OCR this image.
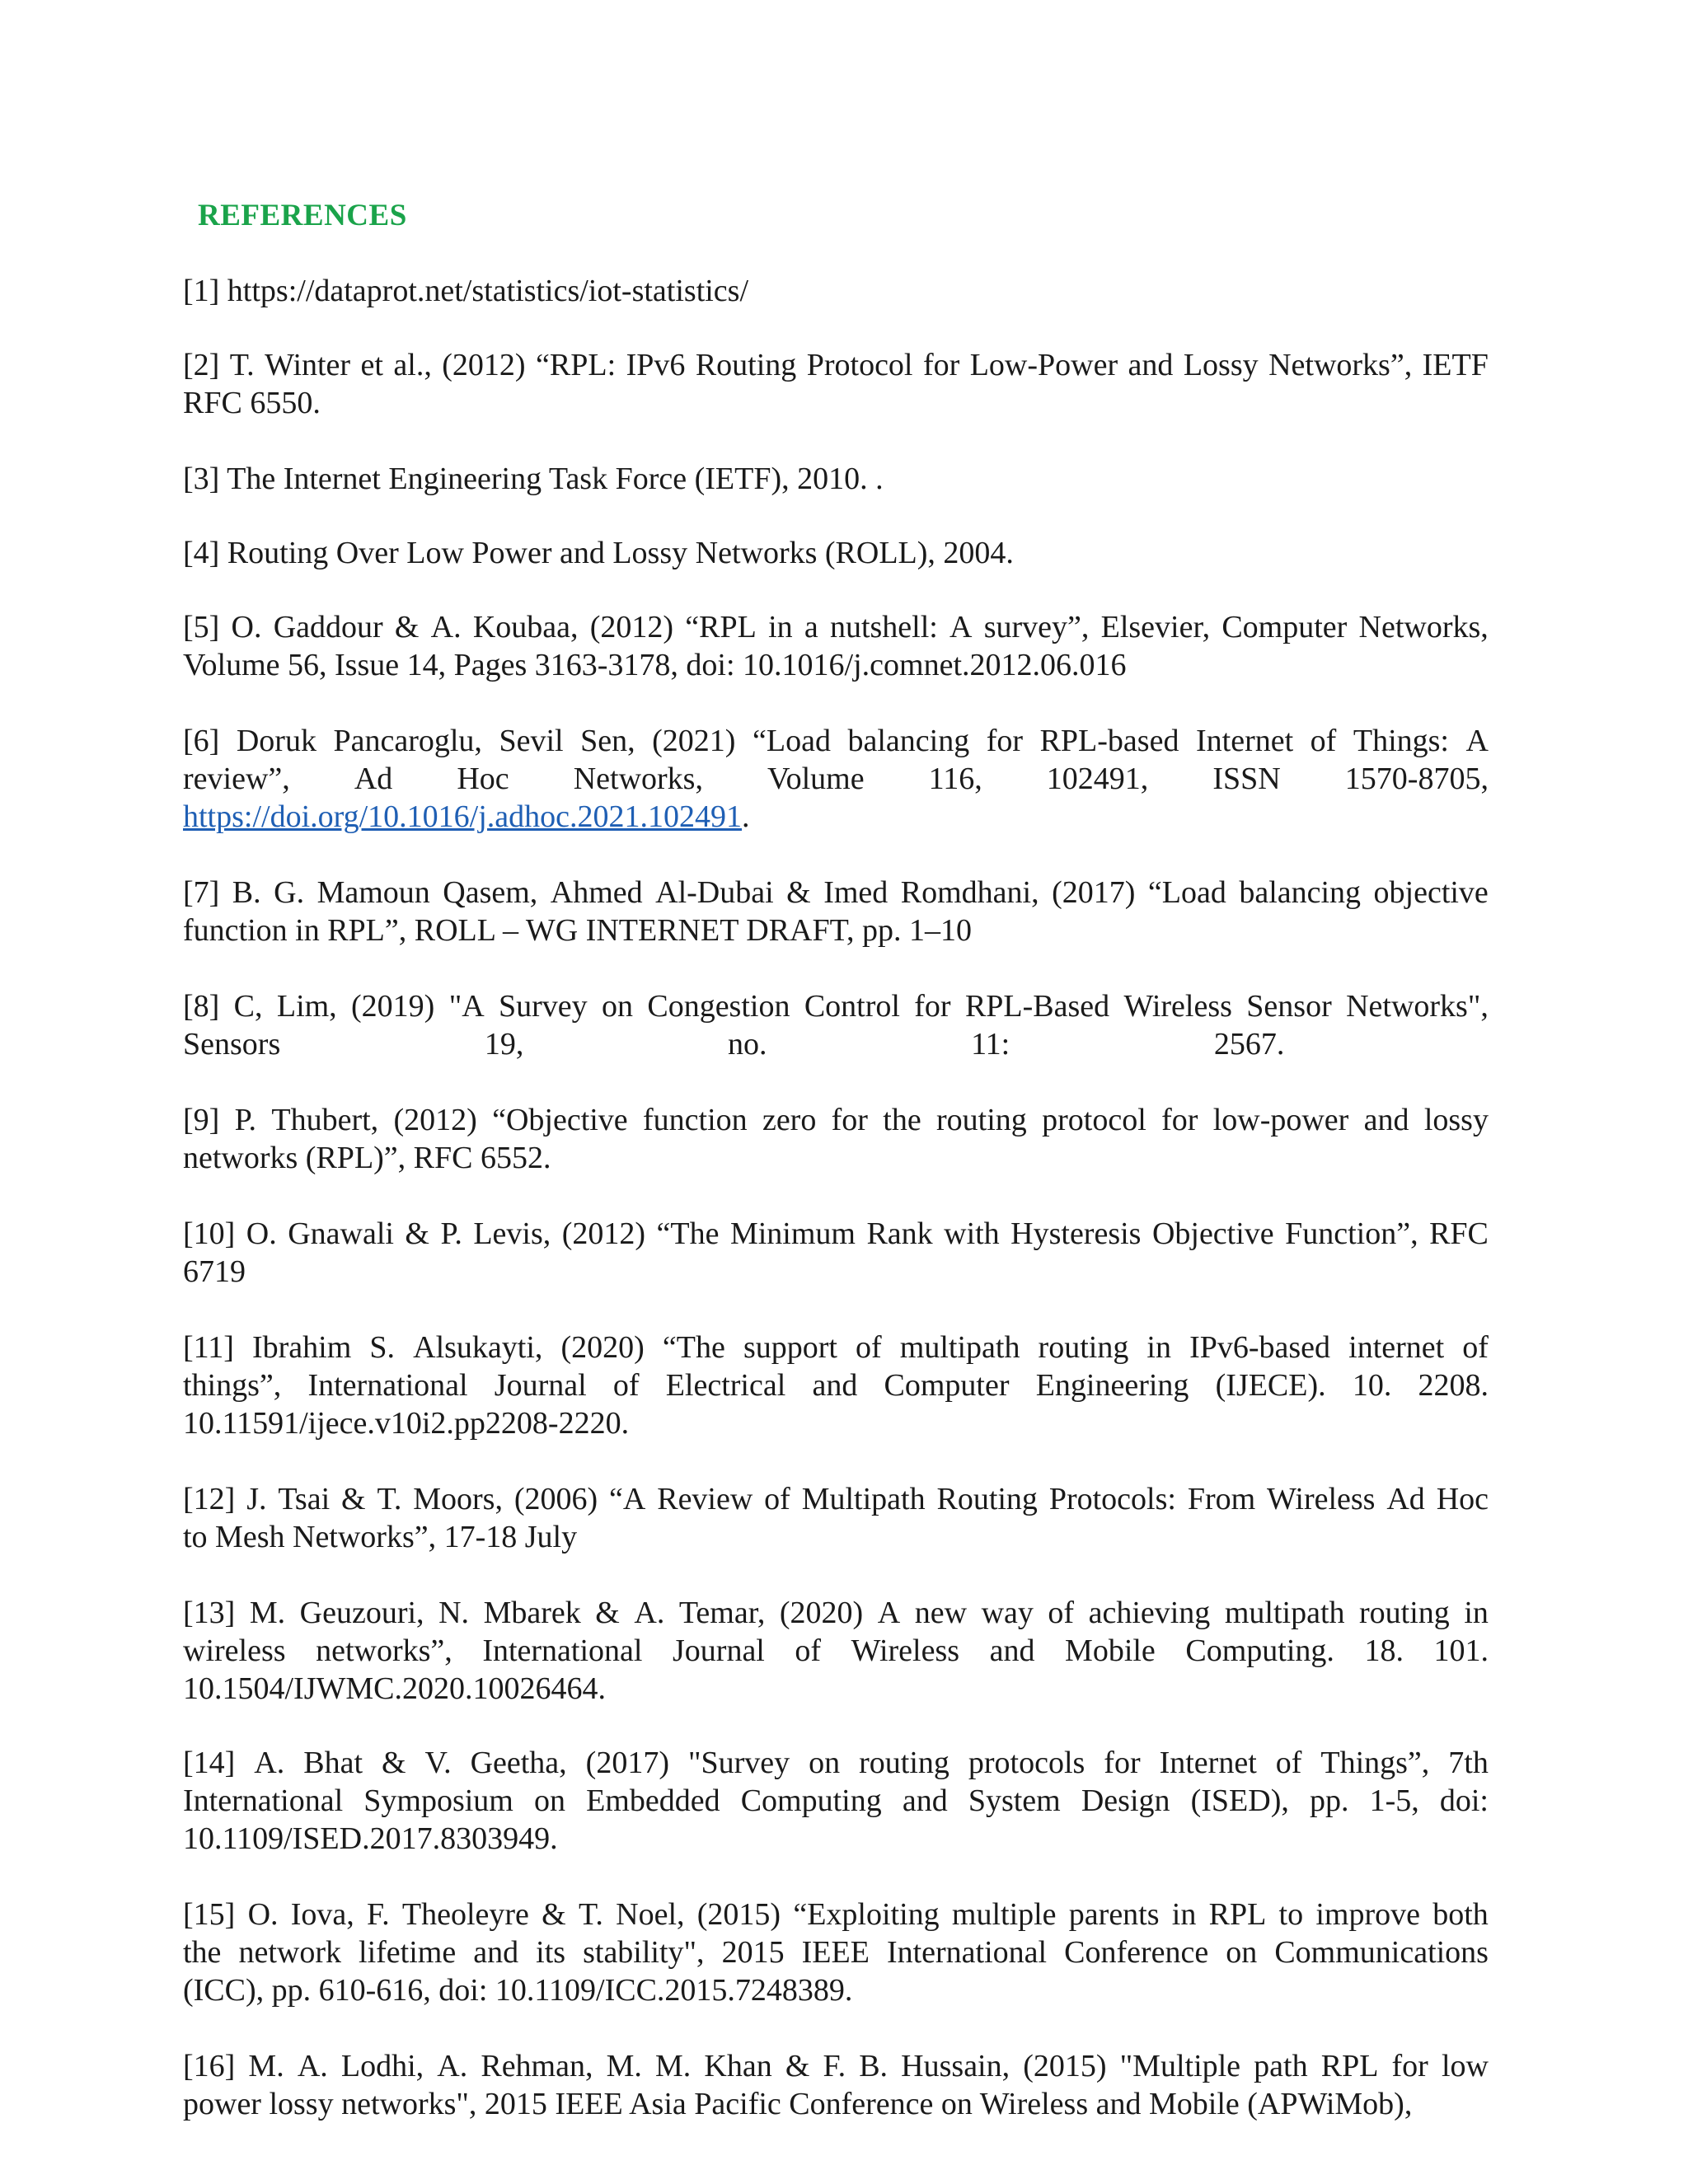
REFERENCES
[1] https://dataprot.net/statistics/iot-statistics/
[2] T. Winter et al., (2012) “RPL: IPv6 Routing Protocol for Low-Power and Lossy Networks”, IETF
RFC 6550.
[3] The Internet Engineering Task Force (IETF), 2010. .
[4] Routing Over Low Power and Lossy Networks (ROLL), 2004.
[5] O. Gaddour & A. Koubaa, (2012) “RPL in a nutshell: A survey”, Elsevier, Computer Networks,
Volume 56, Issue 14, Pages 3163-3178, doi: 10.1016/j.comnet.2012.06.016
[6] Doruk Pancaroglu, Sevil Sen, (2021) “Load balancing for RPL-based Internet of Things: A
review”, Ad Hoc Networks, Volume 116, 102491, ISSN 1570-8705,
https://doi.org/10.1016/j.adhoc.2021.102491.
[7] B. G. Mamoun Qasem, Ahmed Al-Dubai & Imed Romdhani, (2017) “Load balancing objective
function in RPL”, ROLL – WG INTERNET DRAFT, pp. 1–10
[8] C, Lim, (2019) "A Survey on Congestion Control for RPL-Based Wireless Sensor Networks",
Sensors	19,	no.	11:	2567.
[9] P. Thubert, (2012) “Objective function zero for the routing protocol for low-power and lossy
networks (RPL)”, RFC 6552.
[10] O. Gnawali & P. Levis, (2012) “The Minimum Rank with Hysteresis Objective Function”, RFC
6719
[11] Ibrahim S. Alsukayti, (2020) “The support of multipath routing in IPv6-based internet of
things”, International Journal of Electrical and Computer Engineering (IJECE). 10. 2208.
10.11591/ijece.v10i2.pp2208-2220.
[12] J. Tsai & T. Moors, (2006) “A Review of Multipath Routing Protocols: From Wireless Ad Hoc
to Mesh Networks”, 17-18 July
[13] M. Geuzouri, N. Mbarek & A. Temar, (2020) A new way of achieving multipath routing in
wireless networks”, International Journal of Wireless and Mobile Computing. 18. 101.
10.1504/IJWMC.2020.10026464.
[14] A. Bhat & V. Geetha, (2017) "Survey on routing protocols for Internet of Things”, 7th
International Symposium on Embedded Computing and System Design (ISED), pp. 1-5, doi:
10.1109/ISED.2017.8303949.
[15] O. Iova, F. Theoleyre & T. Noel, (2015) “Exploiting multiple parents in RPL to improve both
the network lifetime and its stability", 2015 IEEE International Conference on Communications
(ICC), pp. 610-616, doi: 10.1109/ICC.2015.7248389.
[16] M. A. Lodhi, A. Rehman, M. M. Khan & F. B. Hussain, (2015) "Multiple path RPL for low
power lossy networks", 2015 IEEE Asia Pacific Conference on Wireless and Mobile (APWiMob),
